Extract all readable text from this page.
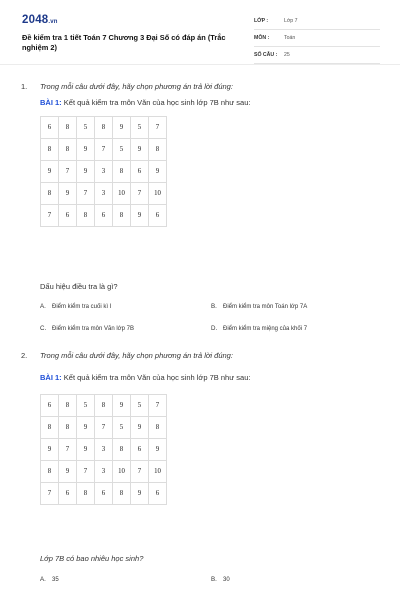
2048.vn
Đề kiểm tra 1 tiết Toán 7 Chương 3 Đại Số có đáp án (Trắc nghiệm 2)
LỚP :	Lớp 7
MÔN :	Toán
SỐ CÂU : 25
1. Trong mỗi câu dưới đây, hãy chọn phương án trả lời đúng:
BÀI 1: Kết quả kiểm tra môn Văn của học sinh lớp 7B như sau:
6	8	5	8	9	5	7
8	8	9	7	5	9	8
9	7	9	3	8	6	9
8	9	7	3	10	7	10
7	6	8	6	8	9	6
Dấu hiệu điều tra là gì?
A. Điểm kiểm tra cuối kì I	B. Điểm kiểm tra môn Toán lớp 7A
C. Điểm kiểm tra môn Văn lớp 7B	D. Điểm kiểm tra miệng của khối 7
2. Trong mỗi câu dưới đây, hãy chọn phương án trả lời đúng:
BÀI 1: Kết quả kiểm tra môn Văn của học sinh lớp 7B như sau:
6	8	5	8	9	5	7
8	8	9	7	5	9	8
9	7	9	3	8	6	9
8	9	7	3	10	7	10
7	6	8	6	8	9	6
Lớp 7B có bao nhiêu học sinh?
A. 35	B. 30
